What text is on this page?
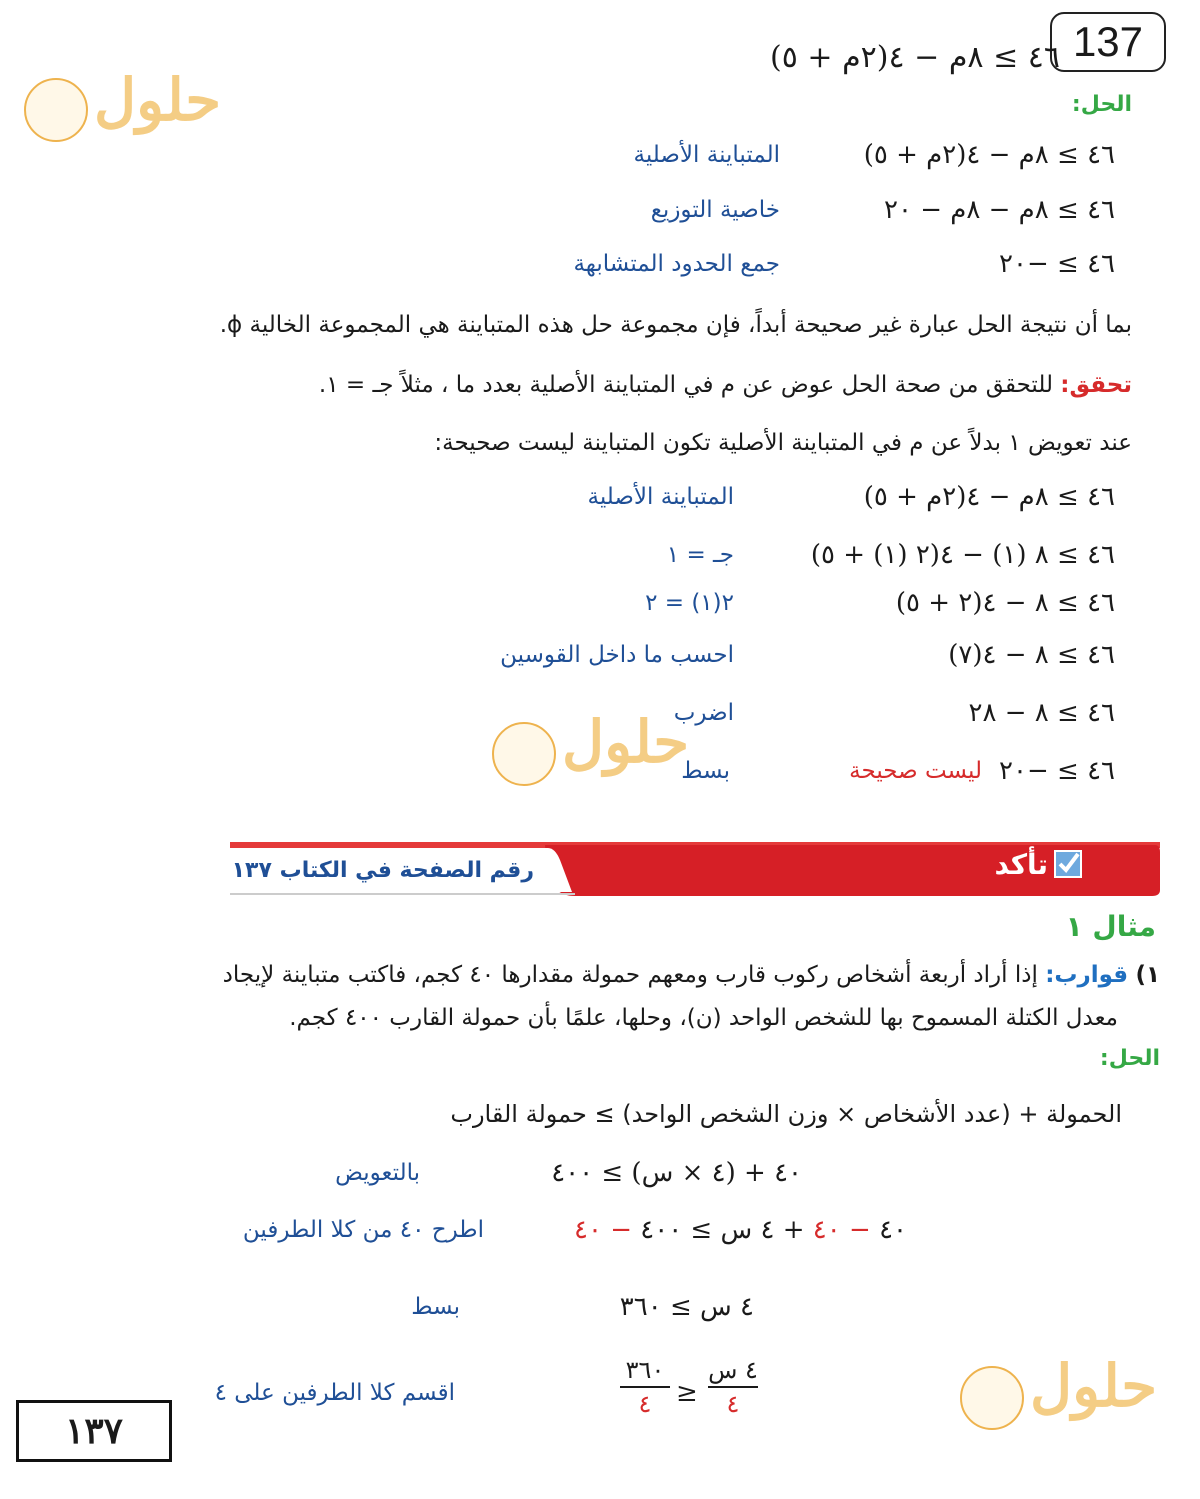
137
حلول
حلول
حلول
٤٦ ≥ ٨م − ٤(٢م + ٥)
الحل:
٤٦ ≥ ٨م − ٤(٢م + ٥)
المتباينة الأصلية
٤٦ ≥ ٨م − ٨م − ٢٠
خاصية التوزيع
٤٦ ≥ −٢٠
جمع الحدود المتشابهة
بما أن نتيجة الحل عبارة غير صحيحة أبداً، فإن مجموعة حل هذه المتباينة هي المجموعة الخالية ϕ.
تحقق: للتحقق من صحة الحل عوض عن م في المتباينة الأصلية بعدد ما ، مثلاً جـ = ١.
عند تعويض ١ بدلاً عن م في المتباينة الأصلية تكون المتباينة ليست صحيحة:
٤٦ ≥ ٨م − ٤(٢م + ٥)
المتباينة الأصلية
٤٦ ≥ ٨ (١) − ٤(٢ (١) + ٥)
جـ = ١
٤٦ ≥ ٨ − ٤(٢ + ٥)
٢(١) = ٢
٤٦ ≥ ٨ − ٤(٧)
احسب ما داخل القوسين
٤٦ ≥ ٨ − ٢٨
اضرب
٤٦ ≥ −٢٠
ليست صحيحة
بسط
تأكد
رقم الصفحة في الكتاب ١٣٧
مثال ١
١) قوارب: إذا أراد أربعة أشخاص ركوب قارب ومعهم حمولة مقدارها ٤٠ كجم، فاكتب متباينة لإيجاد
معدل الكتلة المسموح بها للشخص الواحد (ن)، وحلها، علمًا بأن حمولة القارب ٤٠٠ كجم.
الحل:
الحمولة + (عدد الأشخاص × وزن الشخص الواحد) ≥ حمولة القارب
٤٠ + (٤ × س) ≥ ٤٠٠
بالتعويض
٤٠ − ٤٠ + ٤ س ≥ ٤٠٠ − ٤٠
اطرح ٤٠ من كلا الطرفين
٤ س ≥ ٣٦٠
بسط
٣٦٠
٤ ≥
٤ س
٤
اقسم كلا الطرفين على ٤
١٣٧
